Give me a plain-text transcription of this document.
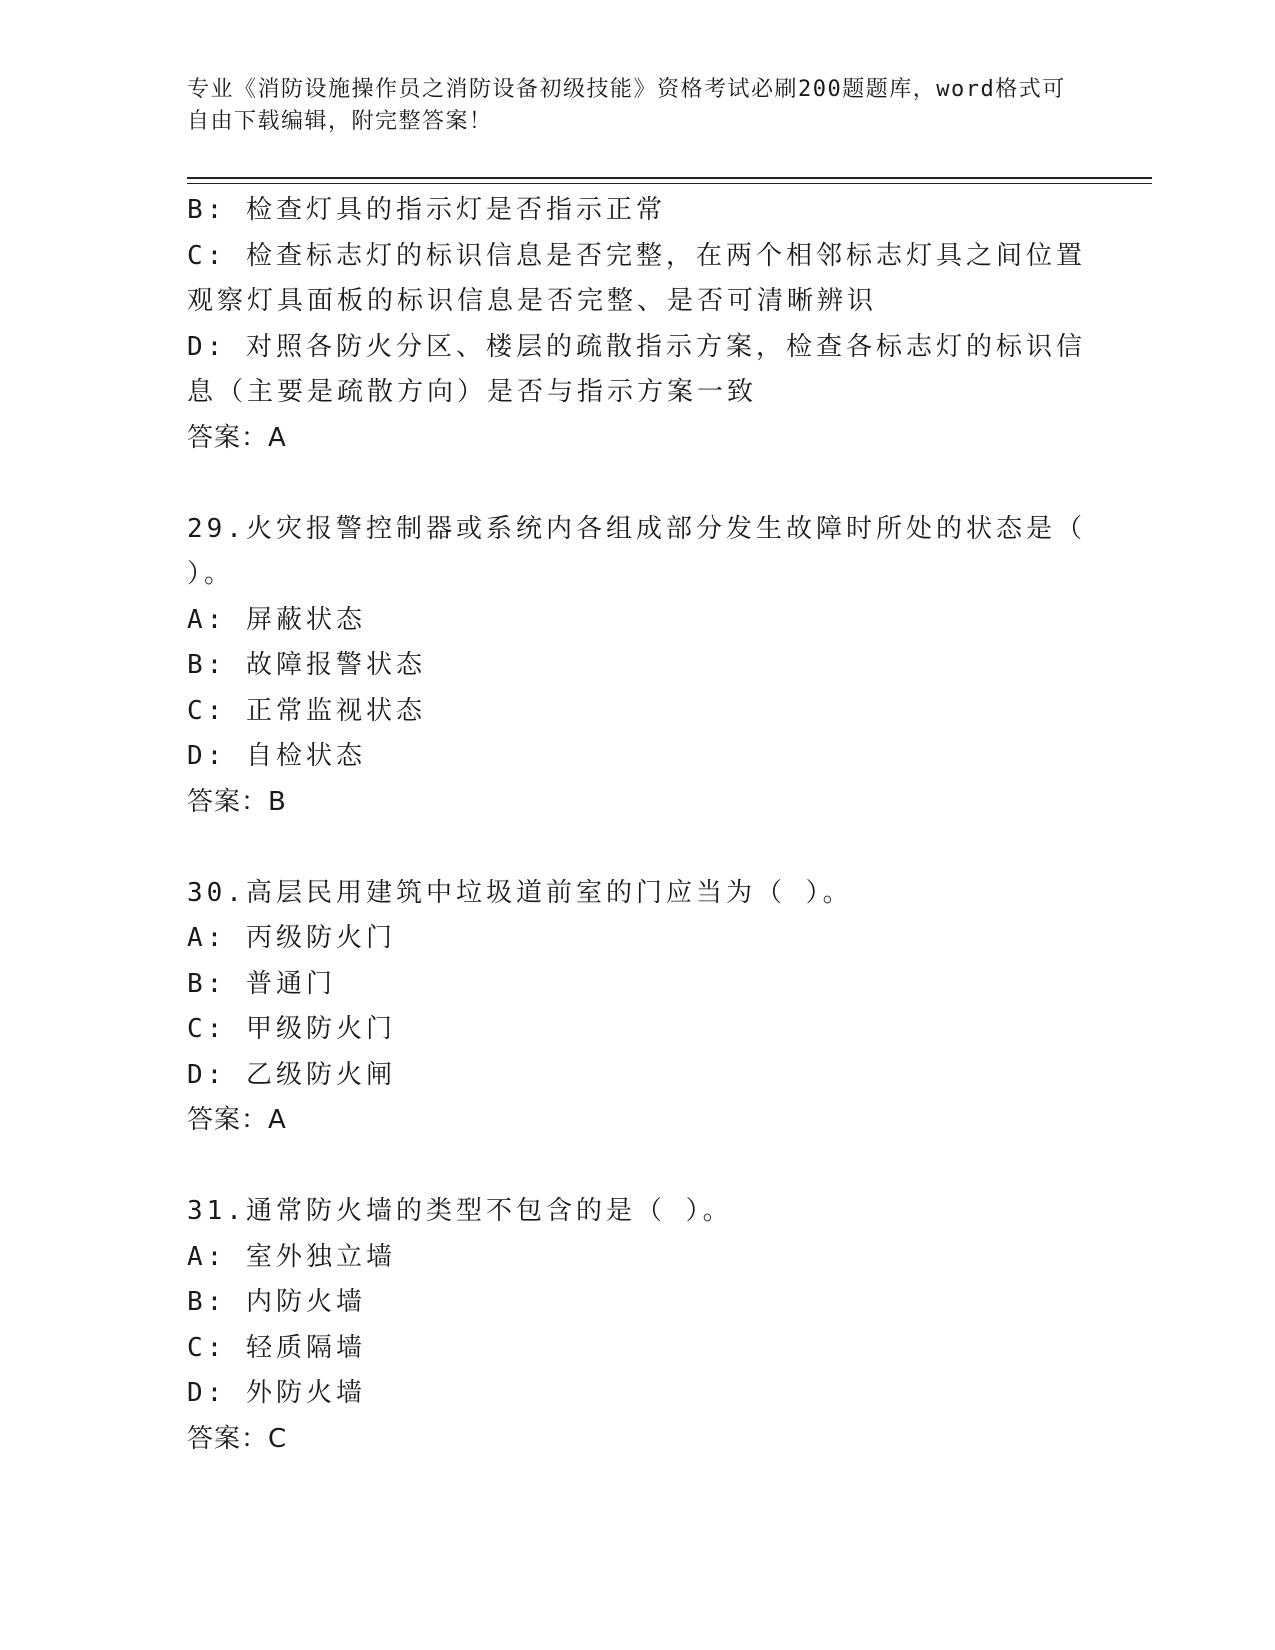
专业《消防设施操作员之消防设备初级技能》资格考试必刷200题题库，word格式可自由下载编辑，附完整答案！
B: 检查灯具的指示灯是否指示正常
C: 检查标志灯的标识信息是否完整，在两个相邻标志灯具之间位置观察灯具面板的标识信息是否完整、是否可清晰辨识
D: 对照各防火分区、楼层的疏散指示方案，检查各标志灯的标识信息（主要是疏散方向）是否与指示方案一致
答案：A
29.火灾报警控制器或系统内各组成部分发生故障时所处的状态是（ ）。
A: 屏蔽状态
B: 故障报警状态
C: 正常监视状态
D: 自检状态
答案：B
30.高层民用建筑中垃圾道前室的门应当为（ ）。
A: 丙级防火门
B: 普通门
C: 甲级防火门
D: 乙级防火闸
答案：A
31.通常防火墙的类型不包含的是（ ）。
A: 室外独立墙
B: 内防火墙
C: 轻质隔墙
D: 外防火墙
答案：C
